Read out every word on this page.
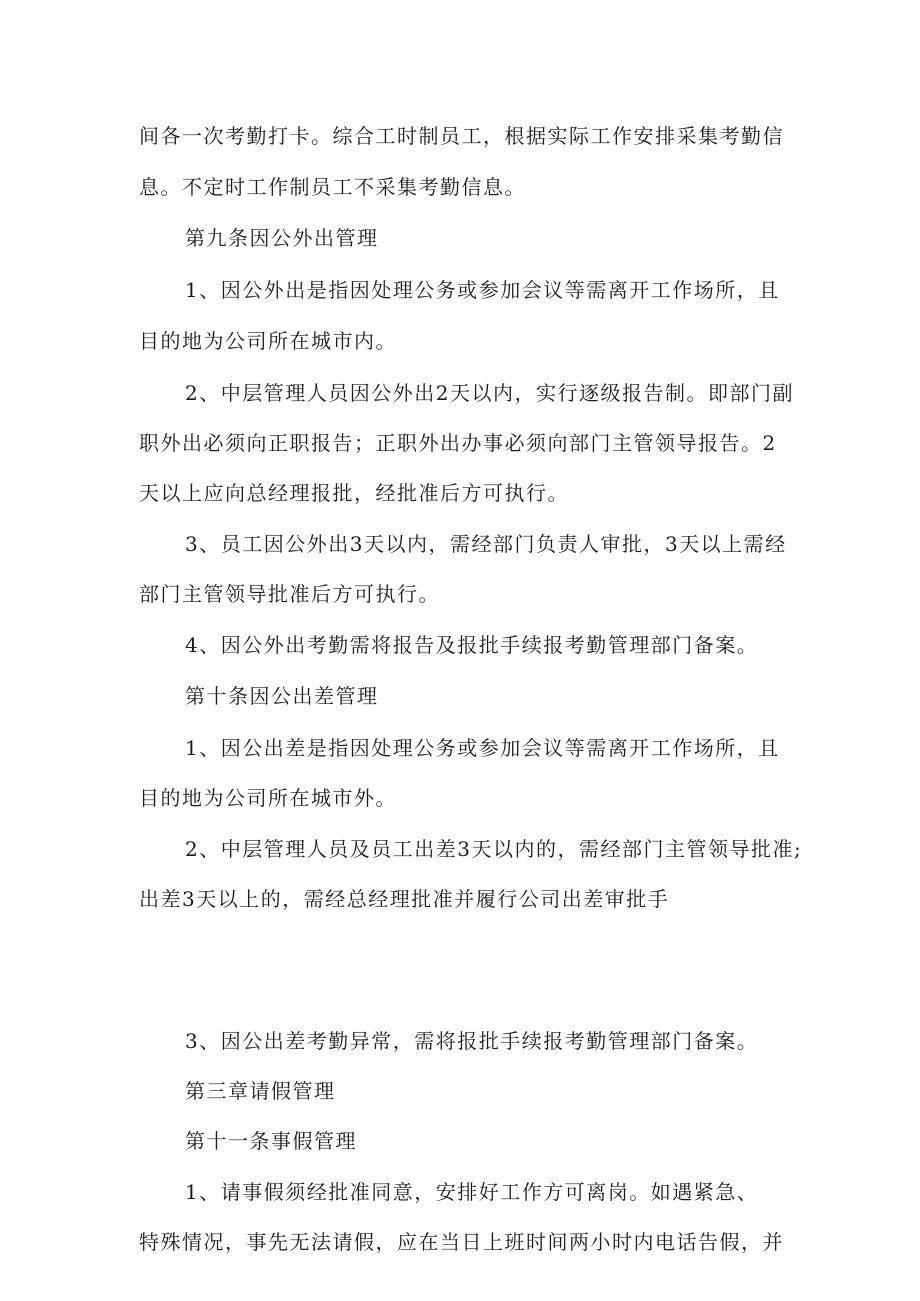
间各一次考勤打卡。综合工时制员工，根据实际工作安排采集考勤信

息。不定时工作制员工不采集考勤信息。

第九条因公外出管理

1、因公外出是指因处理公务或参加会议等需离开工作场所，且

目的地为公司所在城市内。

2、中层管理人员因公外出2天以内，实行逐级报告制。即部门副

职外出必须向正职报告；正职外出办事必须向部门主管领导报告。2

天以上应向总经理报批，经批准后方可执行。

3、员工因公外出3天以内，需经部门负责人审批，3天以上需经

部门主管领导批准后方可执行。

4、因公外出考勤需将报告及报批手续报考勤管理部门备案。

第十条因公出差管理

1、因公出差是指因处理公务或参加会议等需离开工作场所，且

目的地为公司所在城市外。

2、中层管理人员及员工出差3天以内的，需经部门主管领导批准;

出差3天以上的，需经总经理批准并履行公司出差审批手

3、因公出差考勤异常，需将报批手续报考勤管理部门备案。

第三章请假管理

第十一条事假管理

1、请事假须经批准同意，安排好工作方可离岗。如遇紧急、

特殊情况，事先无法请假，应在当日上班时间两小时内电话告假，并
